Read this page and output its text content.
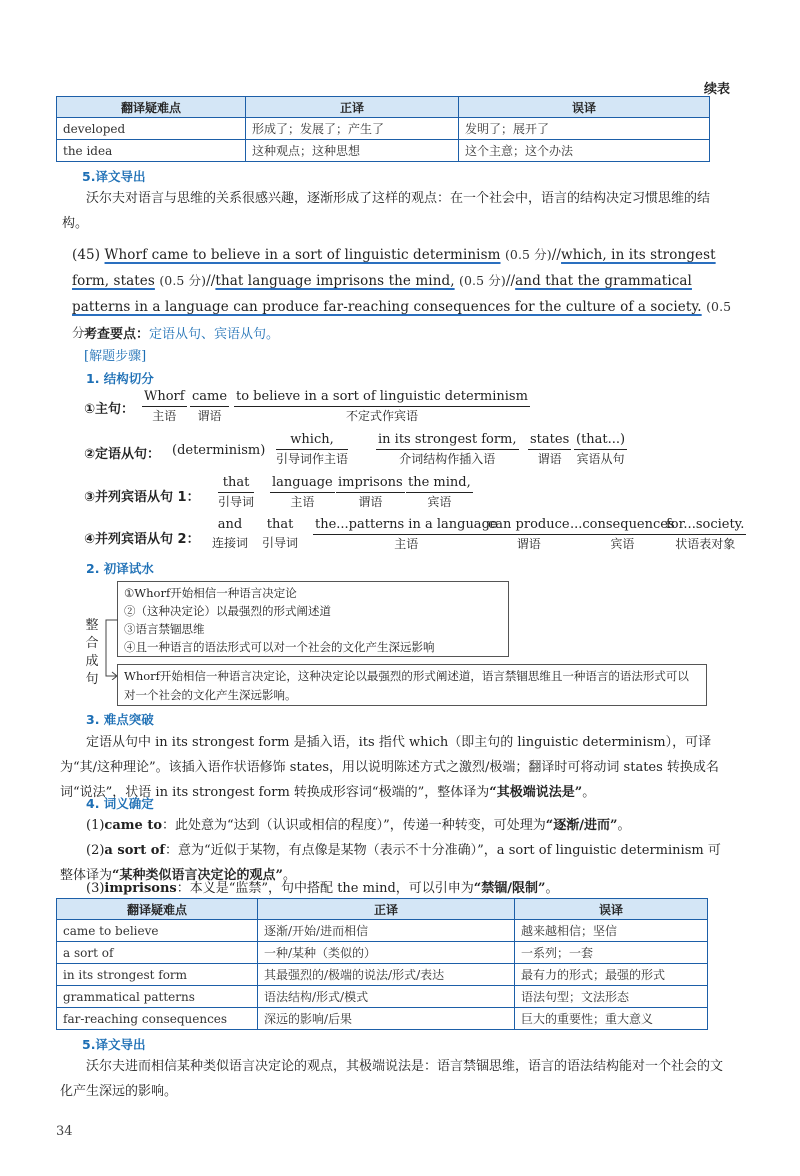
续表
翻译疑难点	正译	误译
developed	形成了；发展了；产生了	发明了；展开了
the idea	这种观点；这种思想	这个主意；这个办法
5.译文导出
沃尔夫对语言与思维的关系很感兴趣，逐渐形成了这样的观点：在一个社会中，语言的结构决定习惯思维的结构。
(45) Whorf came to believe in a sort of linguistic determinism (0.5 分)//which, in its strongest
form, states (0.5 分)//that language imprisons the mind, (0.5 分)//and that the grammatical
patterns in a language can produce far-reaching consequences for the culture of a society. (0.5 分)
考查要点：定语从句、宾语从句。
[解题步骤]
1. 结构切分
①主句：
Whorf
主语
came
谓语
to believe in a sort of linguistic determinism
不定式作宾语
②定语从句： (determinism)
which,
引导词作主语
in its strongest form,
介词结构作插入语
states
谓语
(that...)
宾语从句
③并列宾语从句 1：
that
引导词
language
主语
imprisons
谓语
the mind,
宾语
④并列宾语从句 2：
and
连接词
that
引导词
the...patterns in a language
主语
can produce
谓语
...consequences
宾语
for...society.
状语表对象
2. 初译试水
①Whorf开始相信一种语言决定论
②（这种决定论）以最强烈的形式阐述道
③语言禁锢思维
④且一种语言的语法形式可以对一个社会的文化产生深远影响
整合成句	Whorf开始相信一种语言决定论，这种决定论以最强烈的形式阐述道，语言禁锢思维且一种语言的语法形式可以对一个社会的文化产生深远影响。
3. 难点突破
定语从句中 in its strongest form 是插入语，its 指代 which（即主句的 linguistic determinism），可译为“其/这种理论”。该插入语作状语修饰 states，用以说明陈述方式之激烈/极端；翻译时可将动词 states 转换成名词“说法”，状语 in its strongest form 转换成形容词“极端的”，整体译为“其极端说法是”。
4. 词义确定
(1)came to：此处意为“达到（认识或相信的程度）”，传递一种转变，可处理为“逐渐/进而”。
(2)a sort of：意为“近似于某物，有点像是某物（表示不十分准确）”，a sort of linguistic determinism 可整体译为“某种类似语言决定论的观点”。
(3)imprisons：本义是“监禁”，句中搭配 the mind，可以引申为“禁锢/限制”。
翻译疑难点	正译	误译
came to believe	逐渐/开始/进而相信	越来越相信；坚信
a sort of	一种/某种（类似的）	一系列；一套
in its strongest form	其最强烈的/极端的说法/形式/表达	最有力的形式；最强的形式
grammatical patterns	语法结构/形式/模式	语法句型；文法形态
far-reaching consequences	深远的影响/后果	巨大的重要性；重大意义
5.译文导出
沃尔夫进而相信某种类似语言决定论的观点，其极端说法是：语言禁锢思维，语言的语法结构能对一个社会的文化产生深远的影响。
34
